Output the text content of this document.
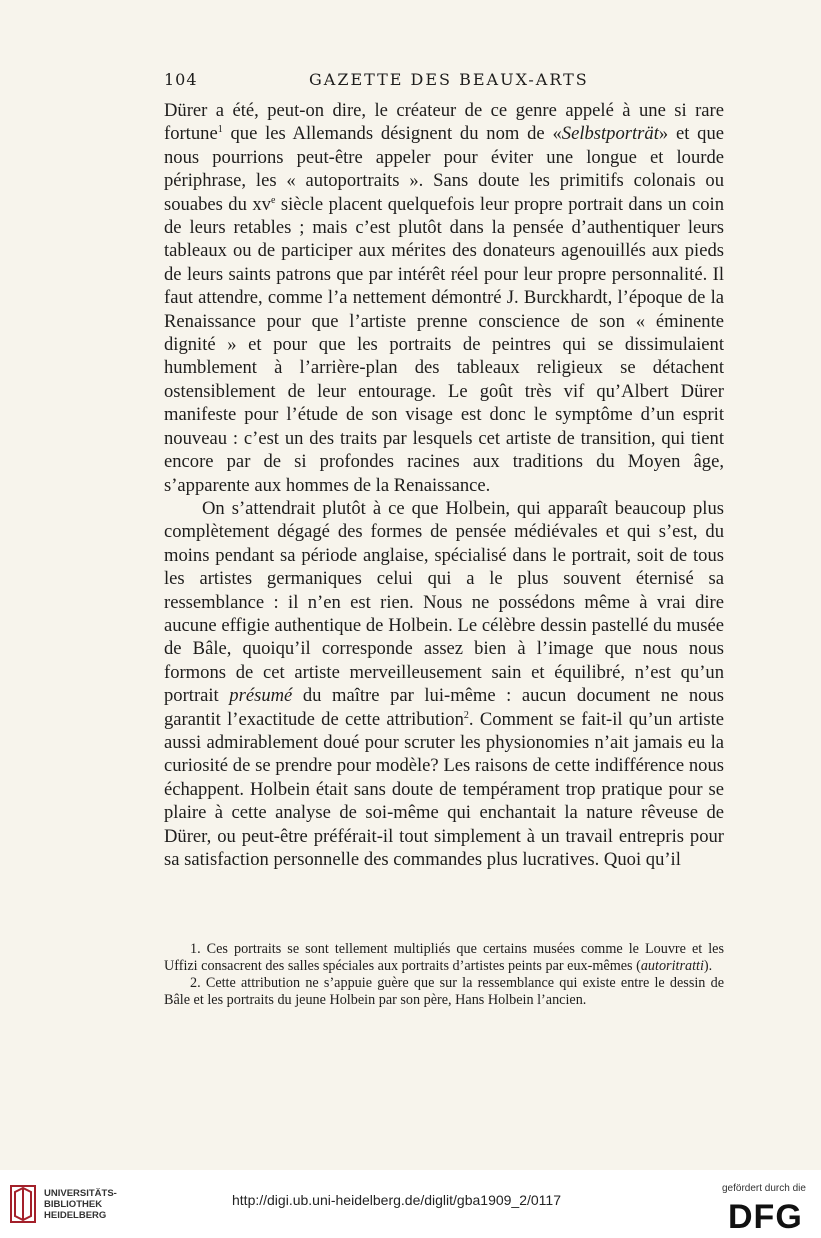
104	GAZETTE DES BEAUX-ARTS

Dürer a été, peut-on dire, le créateur de ce genre appelé à une si rare fortune$^1$ que les Allemands désignent du nom de «Selbstporträt» et que nous pourrions peut-être appeler pour éviter une longue et lourde périphrase, les « autoportraits ». Sans doute les primitifs colonais ou souabes du $xv^e$ siècle placent quelquefois leur propre portrait dans un coin de leurs retables ; mais c’est plutôt dans la pensée d’authentiquer leurs tableaux ou de participer aux mérites des donateurs agenouillés aux pieds de leurs saints patrons que par intérêt réel pour leur propre personnalité. Il faut attendre, comme l’a nettement démontré J. Burckhardt, l’époque de la Renaissance pour que l’artiste prenne conscience de son « éminente dignité » et pour que les portraits de peintres qui se dissimulaient humblement à l’arrière-plan des tableaux religieux se détachent ostensiblement de leur entourage. Le goût très vif qu’Albert Dürer manifeste pour l’étude de son visage est donc le symptôme d’un esprit nouveau : c’est un des traits par lesquels cet artiste de transition, qui tient encore par de si profondes racines aux traditions du Moyen âge, s’apparente aux hommes de la Renaissance.

On s’attendrait plutôt à ce que Holbein, qui apparaît beaucoup plus complètement dégagé des formes de pensée médiévales et qui s’est, du moins pendant sa période anglaise, spécialisé dans le portrait, soit de tous les artistes germaniques celui qui a le plus souvent éternisé sa ressemblance : il n’en est rien. Nous ne possédons même à vrai dire aucune effigie authentique de Holbein. Le célèbre dessin pastellé du musée de Bâle, quoiqu’il corresponde assez bien à l’image que nous nous formons de cet artiste merveilleusement sain et équilibré, n’est qu’un portrait présumé du maître par lui-même : aucun document ne nous garantit l’exactitude de cette attribution$^2$. Comment se fait-il qu’un artiste aussi admirablement doué pour scruter les physionomies n’ait jamais eu la curiosité de se prendre pour modèle? Les raisons de cette indifférence nous échappent. Holbein était sans doute de tempérament trop pratique pour se plaire à cette analyse de soi-même qui enchantait la nature rêveuse de Dürer, ou peut-être préférait-il tout simplement à un travail entrepris pour sa satisfaction personnelle des commandes plus lucratives. Quoi qu’il

1. Ces portraits se sont tellement multipliés que certains musées comme le Louvre et les Uffizi consacrent des salles spéciales aux portraits d’artistes peints par eux-mêmes (autoritratti).

2. Cette attribution ne s’appuie guère que sur la ressemblance qui existe entre le dessin de Bâle et les portraits du jeune Holbein par son père, Hans Holbein l’ancien.

UNIVERSITÄTS-
BIBLIOTHEK
HEIDELBERG
http://digi.ub.uni-heidelberg.de/diglit/gba1909_2/0117
gefördert durch die
DFG
